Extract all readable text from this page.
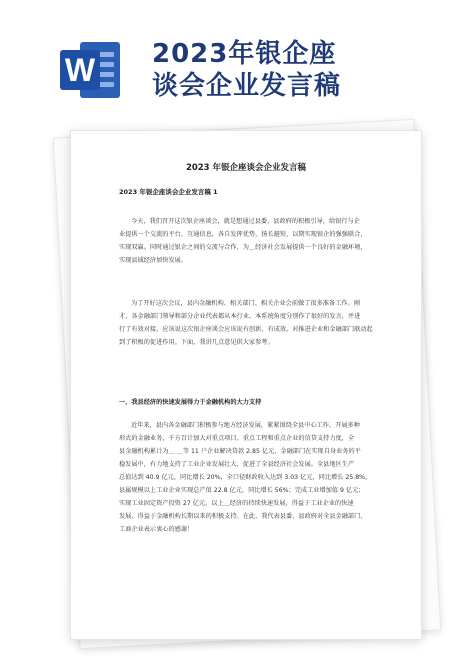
W 2023年银企座
谈会企业发言稿
2023 年银企座谈会企业发言稿
2023 年银企座谈会企业发言稿 1
今天，我们召开这次银企座谈会，就是想通过县委、县政府的积极引导，给银行与企
业提供一个交流的平台，互通信息，各自发挥优势，扬长避短，以期实现银企的强强联合，
实现双赢。同时通过银企之间的交流与合作，为＿经济社会发展提供一个良好的金融环境，
实现县域经济加快发展。
为了开好这次会议，县内金融机构、相关部门、相关企业会前做了很多准备工作。刚
才，各金融部门领导和部分企业代表都从本行业、本系统角度分别作了很好的发言，并进
行了有效对接，应该说这次银企座谈会应该说有创新、有成效，对推进企业和金融部门联动起
到了积极的促进作用。下面，我讲几点意见供大家参考。
一、我县经济的快速发展得力于金融机构的大力支持
近年来，县内各金融部门积极参与地方经济发展，紧紧围绕全县中心工作，开展多种
形式的金融业务，千方百计加大对重点项目、重点工程和重点企业的信贷支持力度，全
县金融机构累计为＿ ＿等 11 户企业解决贷款 2.85 亿元，金融部门在实现自身业务的平
稳发展中，有力地支持了工业企业发展壮大，促进了全县经济社会发展。全县地区生产
总值达到 40.9 亿元，同比增长 20%，全口径财政收入达到 3.03 亿元，同比增长 25.8%，
县属规模以上工业企业实现总产值 22.8 亿元，同比增长 56%；完成工业增加值 9 亿元；
实现工业固定资产投资 27 亿元。以上＿经济的持续快速发展，得益于工业企业的快速
发展，得益于金融机构长期以来的积极支持。在此，我代表县委、县政府对全县金融部门、
工商企业表示衷心的感谢！
